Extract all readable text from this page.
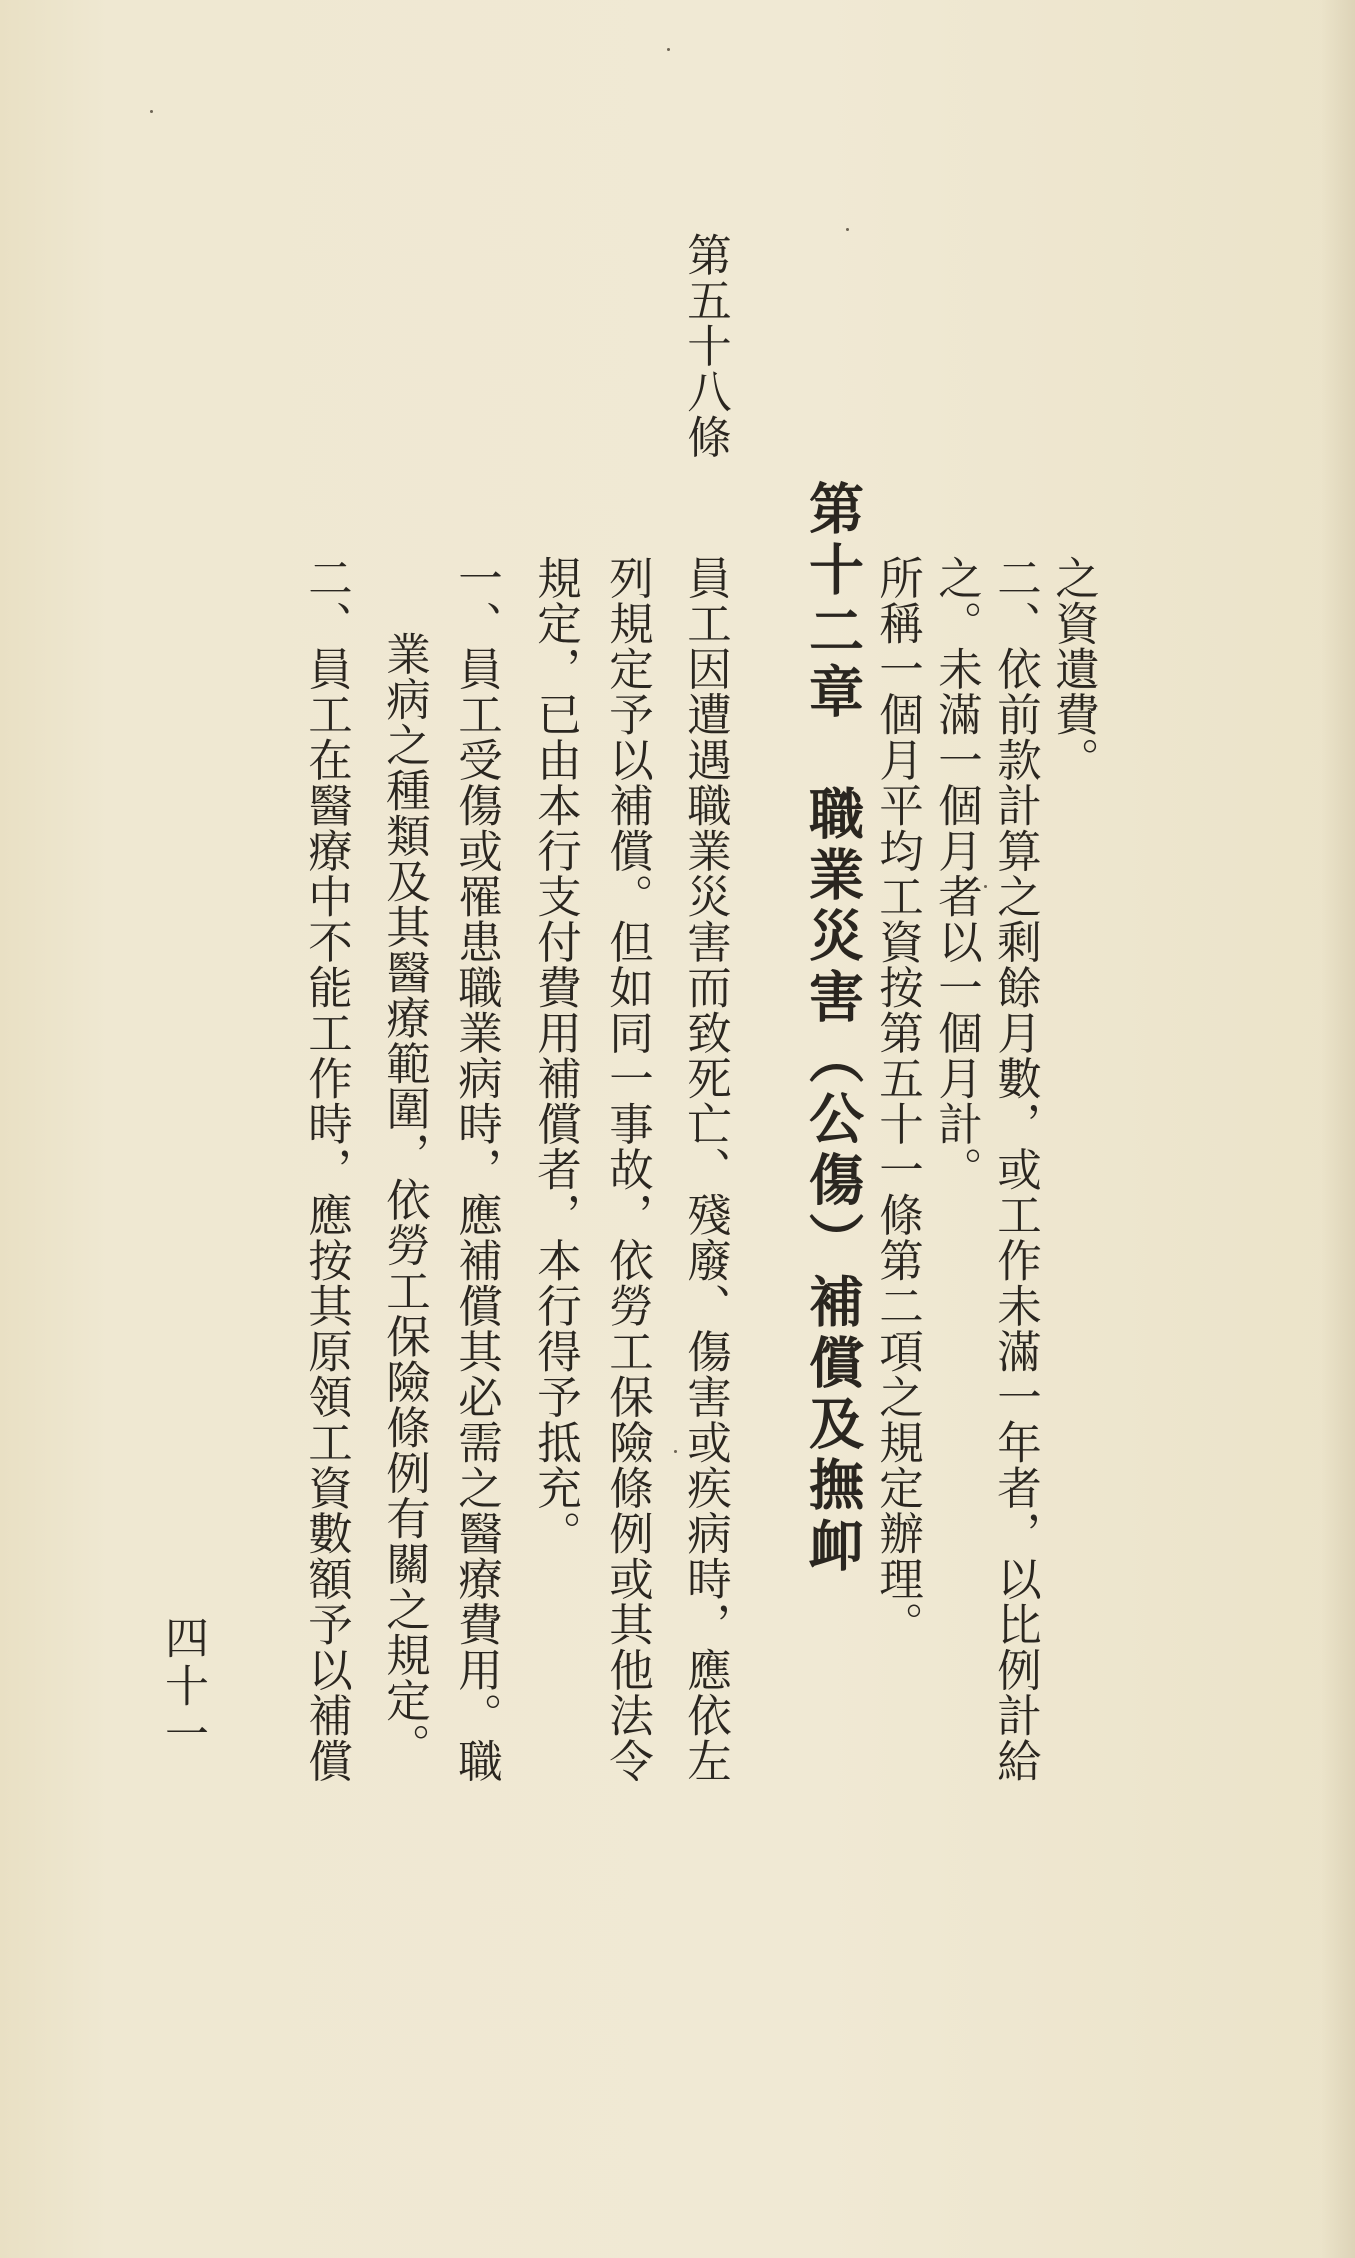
之資遺費。
二、依前款計算之剩餘月數，或工作未滿一年者，以比例計給
之。未滿一個月者以一個月計。
所稱一個月平均工資按第五十一條第二項之規定辦理。
第十二章　職業災害（公傷）補償及撫卹
第五十八條
員工因遭遇職業災害而致死亡、殘廢、傷害或疾病時，應依左
列規定予以補償。但如同一事故，依勞工保險條例或其他法令
規定，已由本行支付費用補償者，本行得予抵充。
一、員工受傷或罹患職業病時，應補償其必需之醫療費用。職
業病之種類及其醫療範圍，依勞工保險條例有關之規定。
二、員工在醫療中不能工作時，應按其原領工資數額予以補償
四十一
